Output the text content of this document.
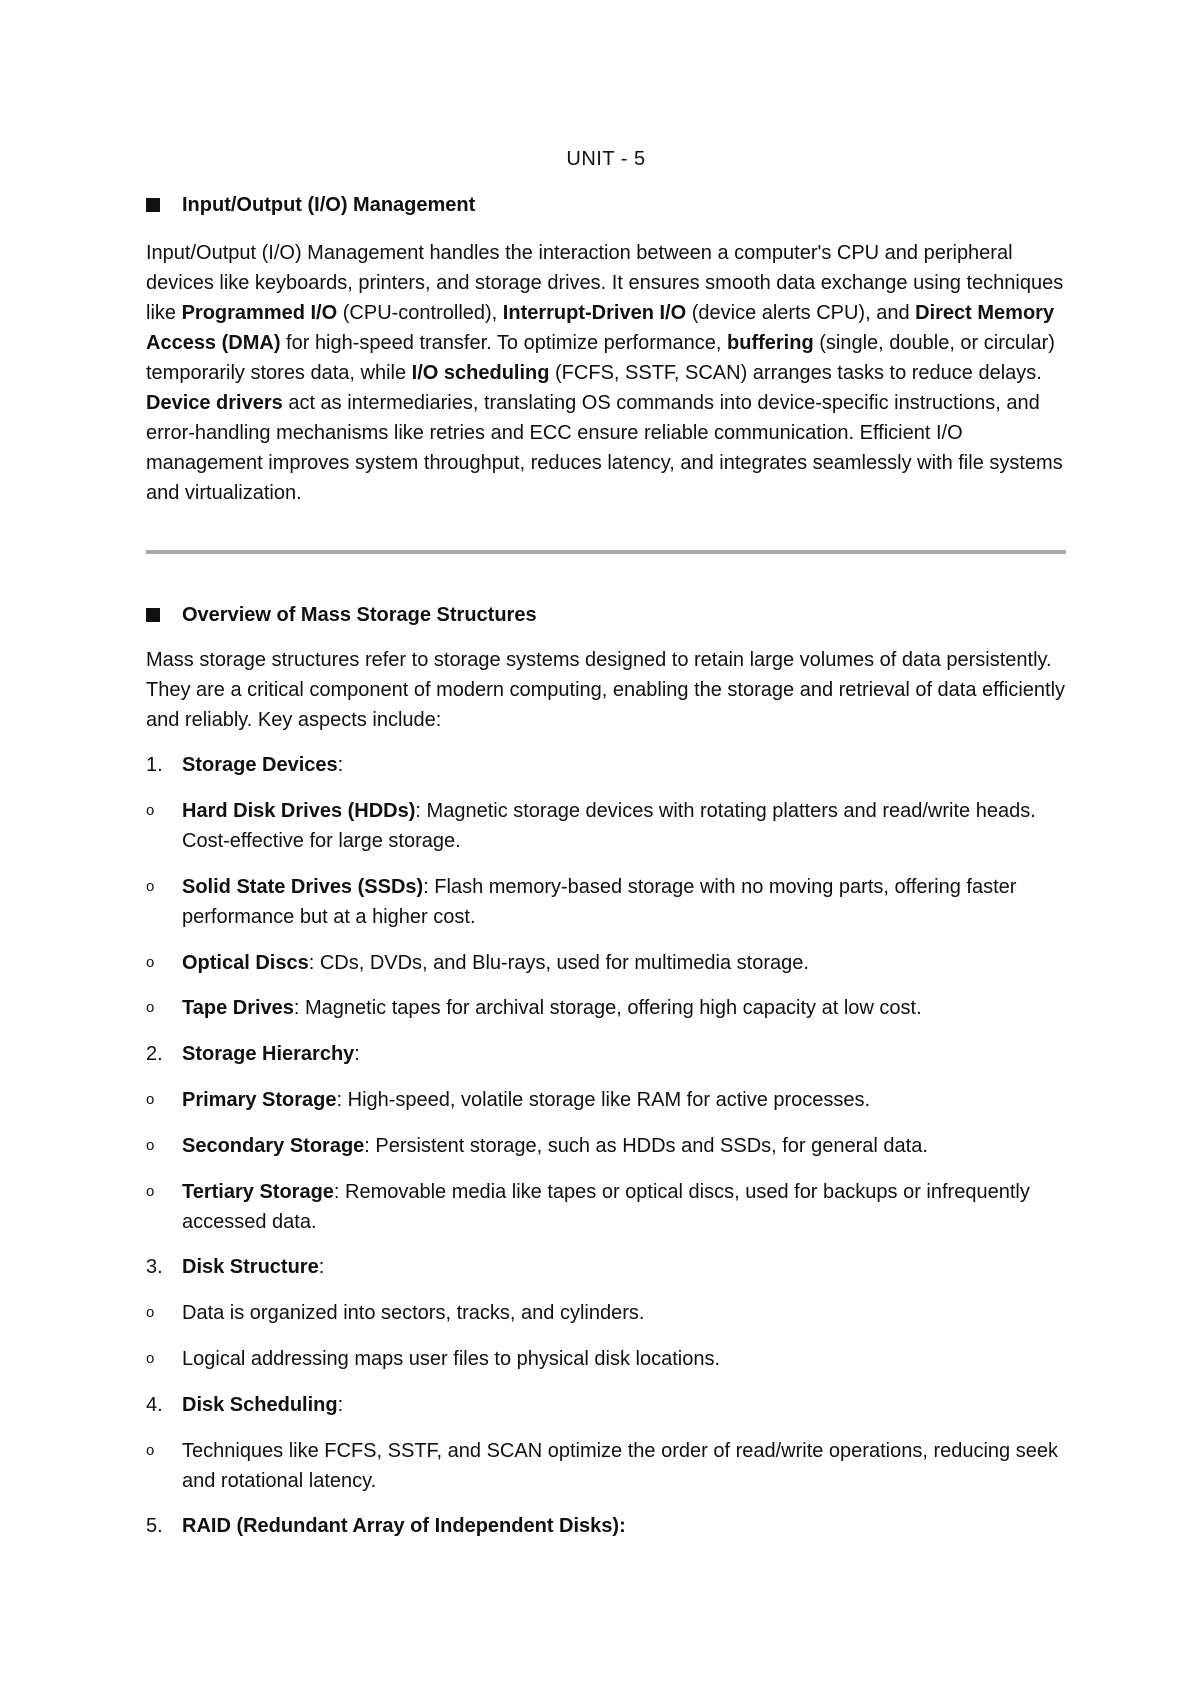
UNIT - 5
Input/Output (I/O) Management
Input/Output (I/O) Management handles the interaction between a computer's CPU and peripheral devices like keyboards, printers, and storage drives. It ensures smooth data exchange using techniques like Programmed I/O (CPU-controlled), Interrupt-Driven I/O (device alerts CPU), and Direct Memory Access (DMA) for high-speed transfer. To optimize performance, buffering (single, double, or circular) temporarily stores data, while I/O scheduling (FCFS, SSTF, SCAN) arranges tasks to reduce delays. Device drivers act as intermediaries, translating OS commands into device-specific instructions, and error-handling mechanisms like retries and ECC ensure reliable communication. Efficient I/O management improves system throughput, reduces latency, and integrates seamlessly with file systems and virtualization.
Overview of Mass Storage Structures
Mass storage structures refer to storage systems designed to retain large volumes of data persistently. They are a critical component of modern computing, enabling the storage and retrieval of data efficiently and reliably. Key aspects include:
1. Storage Devices:
o	Hard Disk Drives (HDDs): Magnetic storage devices with rotating platters and read/write heads. Cost-effective for large storage.
o	Solid State Drives (SSDs): Flash memory-based storage with no moving parts, offering faster performance but at a higher cost.
o	Optical Discs: CDs, DVDs, and Blu-rays, used for multimedia storage.
o	Tape Drives: Magnetic tapes for archival storage, offering high capacity at low cost.
2. Storage Hierarchy:
o	Primary Storage: High-speed, volatile storage like RAM for active processes.
o	Secondary Storage: Persistent storage, such as HDDs and SSDs, for general data.
o	Tertiary Storage: Removable media like tapes or optical discs, used for backups or infrequently accessed data.
3. Disk Structure:
o	Data is organized into sectors, tracks, and cylinders.
o	Logical addressing maps user files to physical disk locations.
4. Disk Scheduling:
o	Techniques like FCFS, SSTF, and SCAN optimize the order of read/write operations, reducing seek and rotational latency.
5. RAID (Redundant Array of Independent Disks):
